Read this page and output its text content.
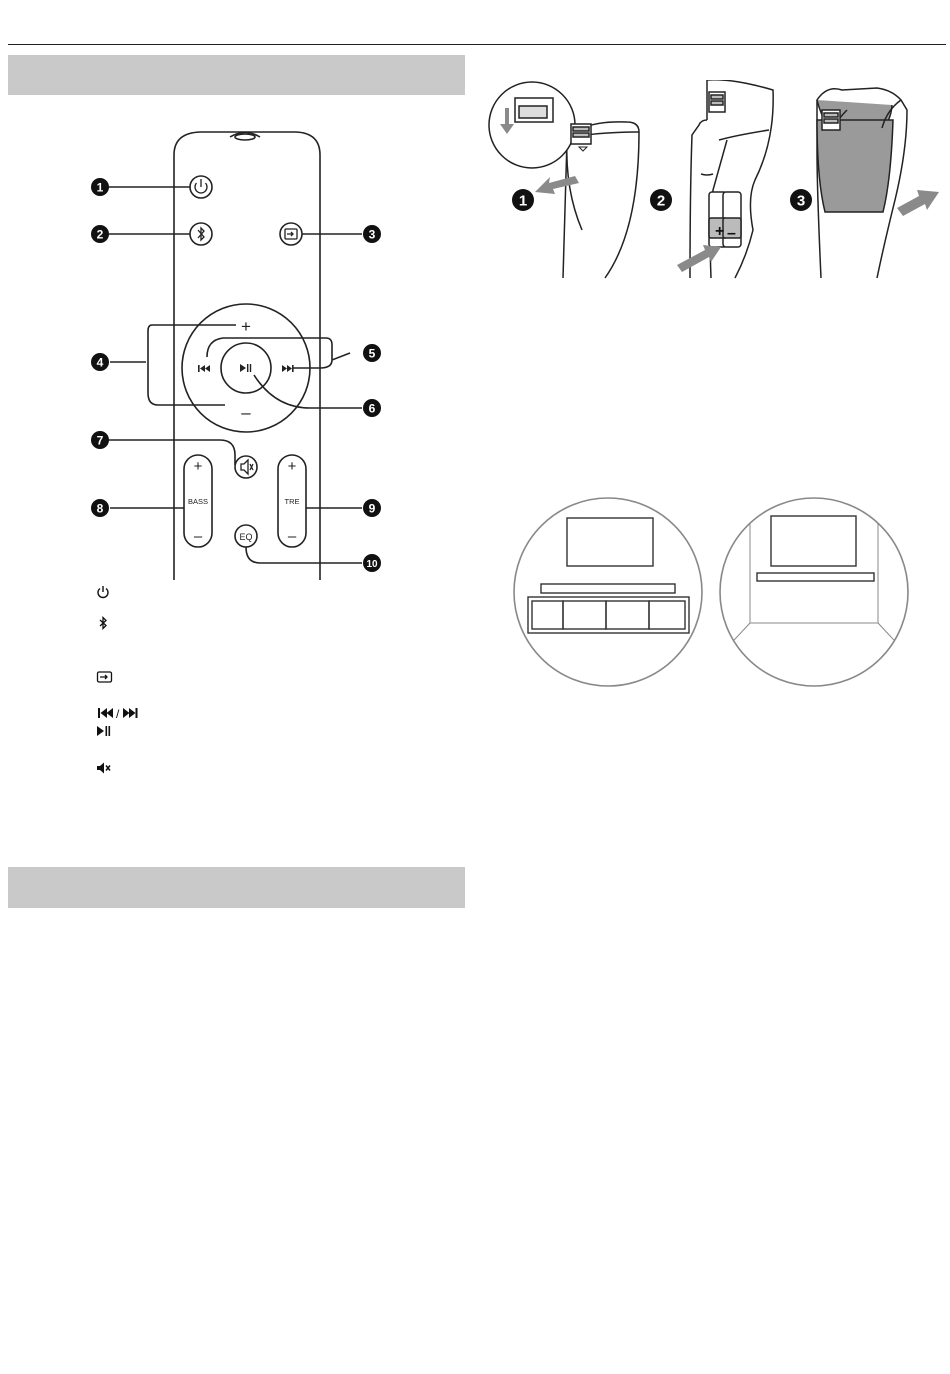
+
–
+
–
+
–
BASS	TRE
EQ
1
2	3
4
5
6
7
8	9
10
/
+ –
1	2	3
